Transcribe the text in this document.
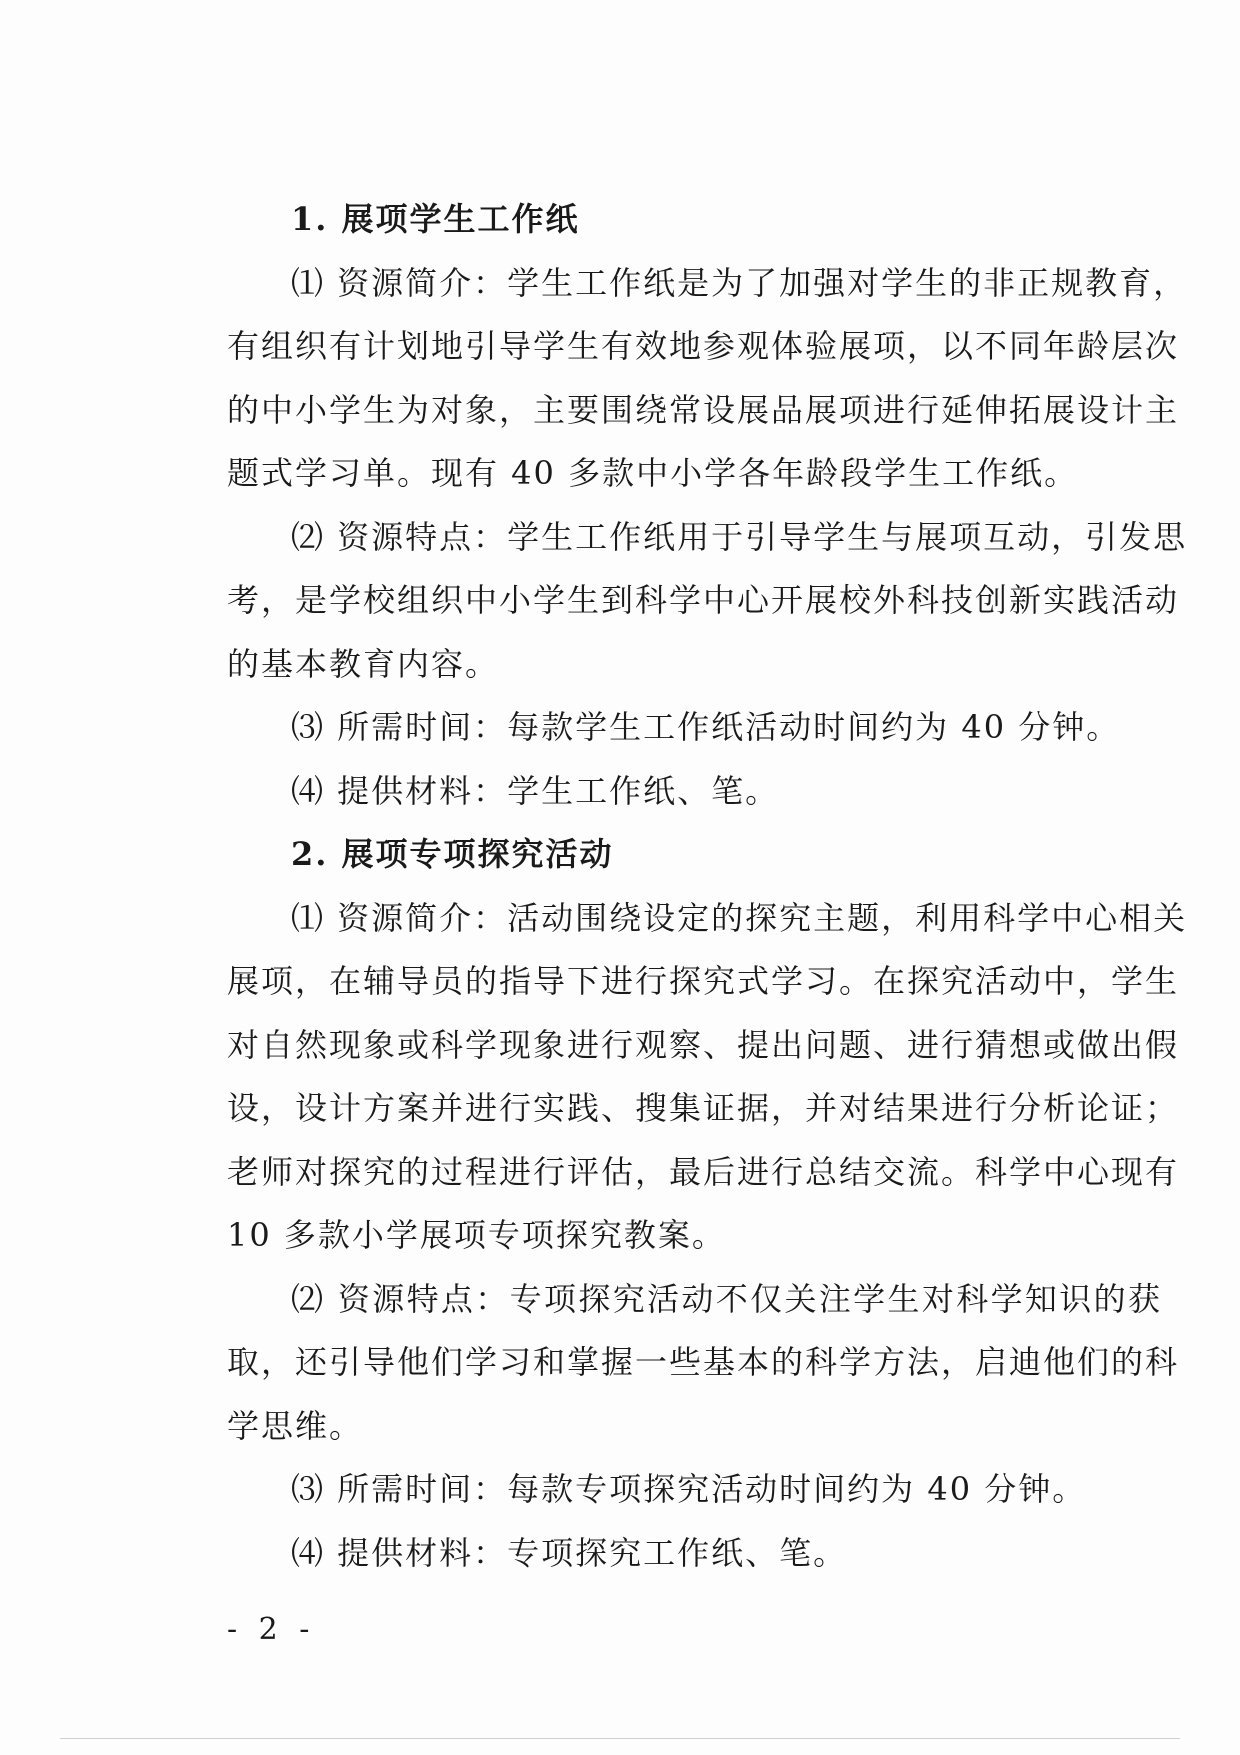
1. 展项学生工作纸
⑴ 资源简介：学生工作纸是为了加强对学生的非正规教育，
有组织有计划地引导学生有效地参观体验展项，以不同年龄层次
的中小学生为对象，主要围绕常设展品展项进行延伸拓展设计主
题式学习单。现有 40 多款中小学各年龄段学生工作纸。
⑵ 资源特点：学生工作纸用于引导学生与展项互动，引发思
考，是学校组织中小学生到科学中心开展校外科技创新实践活动
的基本教育内容。
⑶ 所需时间：每款学生工作纸活动时间约为 40 分钟。
⑷ 提供材料：学生工作纸、笔。
2. 展项专项探究活动
⑴ 资源简介：活动围绕设定的探究主题，利用科学中心相关
展项，在辅导员的指导下进行探究式学习。在探究活动中，学生
对自然现象或科学现象进行观察、提出问题、进行猜想或做出假
设，设计方案并进行实践、搜集证据，并对结果进行分析论证；
老师对探究的过程进行评估，最后进行总结交流。科学中心现有
10 多款小学展项专项探究教案。
⑵ 资源特点：专项探究活动不仅关注学生对科学知识的获
取，还引导他们学习和掌握一些基本的科学方法，启迪他们的科
学思维。
⑶ 所需时间：每款专项探究活动时间约为 40 分钟。
⑷ 提供材料：专项探究工作纸、笔。
- 2 -
